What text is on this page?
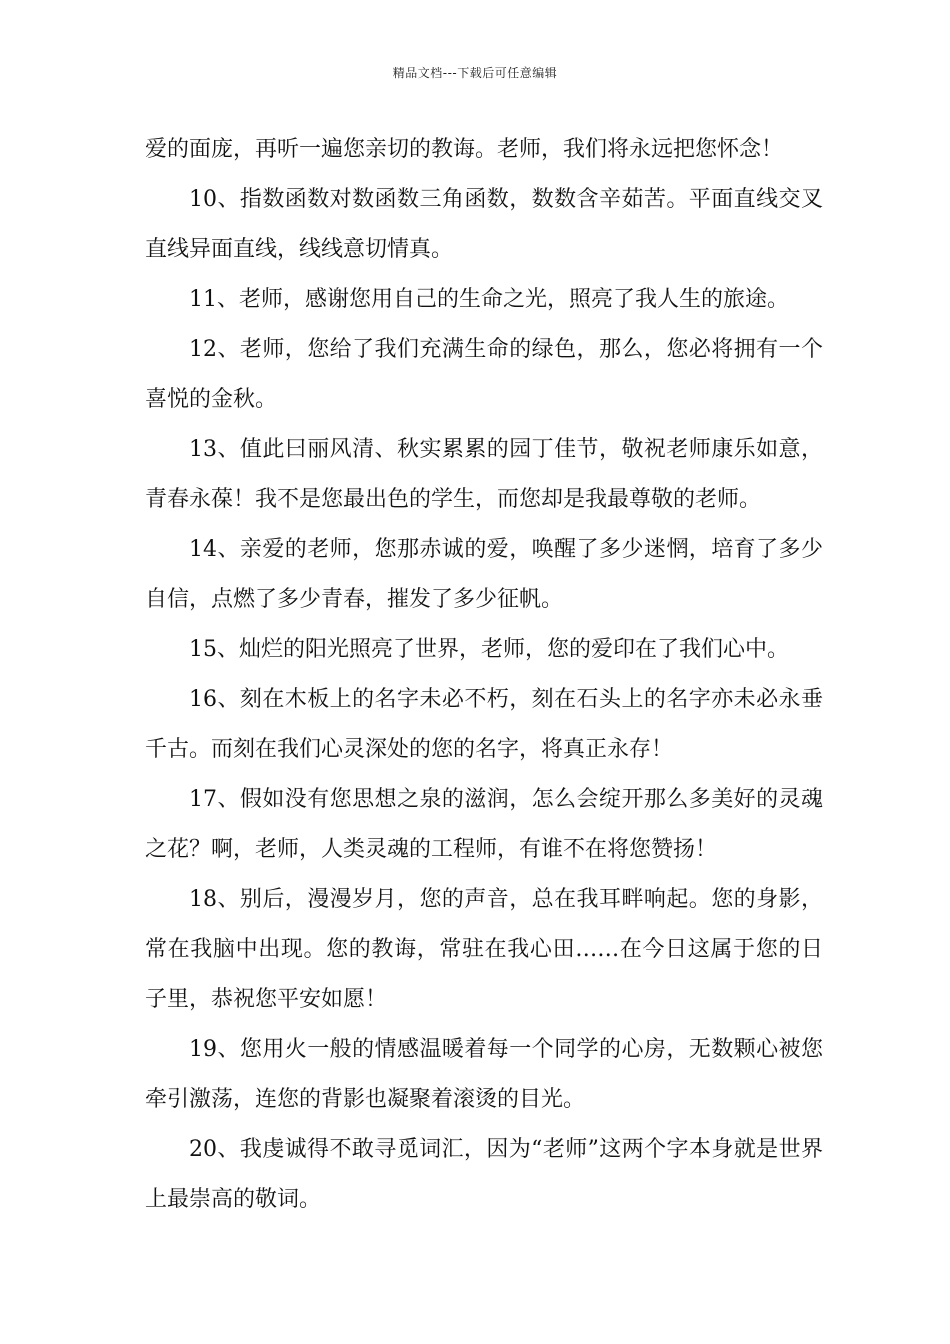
精品文档---下载后可任意编辑

爱的面庞，再听一遍您亲切的教诲。老师，我们将永远把您怀念！

10、指数函数对数函数三角函数，数数含辛茹苦。平面直线交叉直线异面直线，线线意切情真。

11、老师，感谢您用自己的生命之光，照亮了我人生的旅途。

12、老师，您给了我们充满生命的绿色，那么，您必将拥有一个喜悦的金秋。

13、值此曰丽风清、秋实累累的园丁佳节，敬祝老师康乐如意，青春永葆！我不是您最出色的学生，而您却是我最尊敬的老师。

14、亲爱的老师，您那赤诚的爱，唤醒了多少迷惘，培育了多少自信，点燃了多少青春，摧发了多少征帆。

15、灿烂的阳光照亮了世界，老师，您的爱印在了我们心中。

16、刻在木板上的名字未必不朽，刻在石头上的名字亦未必永垂千古。而刻在我们心灵深处的您的名字，将真正永存！

17、假如没有您思想之泉的滋润，怎么会绽开那么多美好的灵魂之花？啊，老师，人类灵魂的工程师，有谁不在将您赞扬！

18、别后，漫漫岁月，您的声音，总在我耳畔响起。您的身影，常在我脑中出现。您的教诲，常驻在我心田……在今日这属于您的日子里，恭祝您平安如愿！

19、您用火一般的情感温暖着每一个同学的心房，无数颗心被您牵引激荡，连您的背影也凝聚着滚烫的目光。

20、我虔诚得不敢寻觅词汇，因为“老师”这两个字本身就是世界上最崇高的敬词。
